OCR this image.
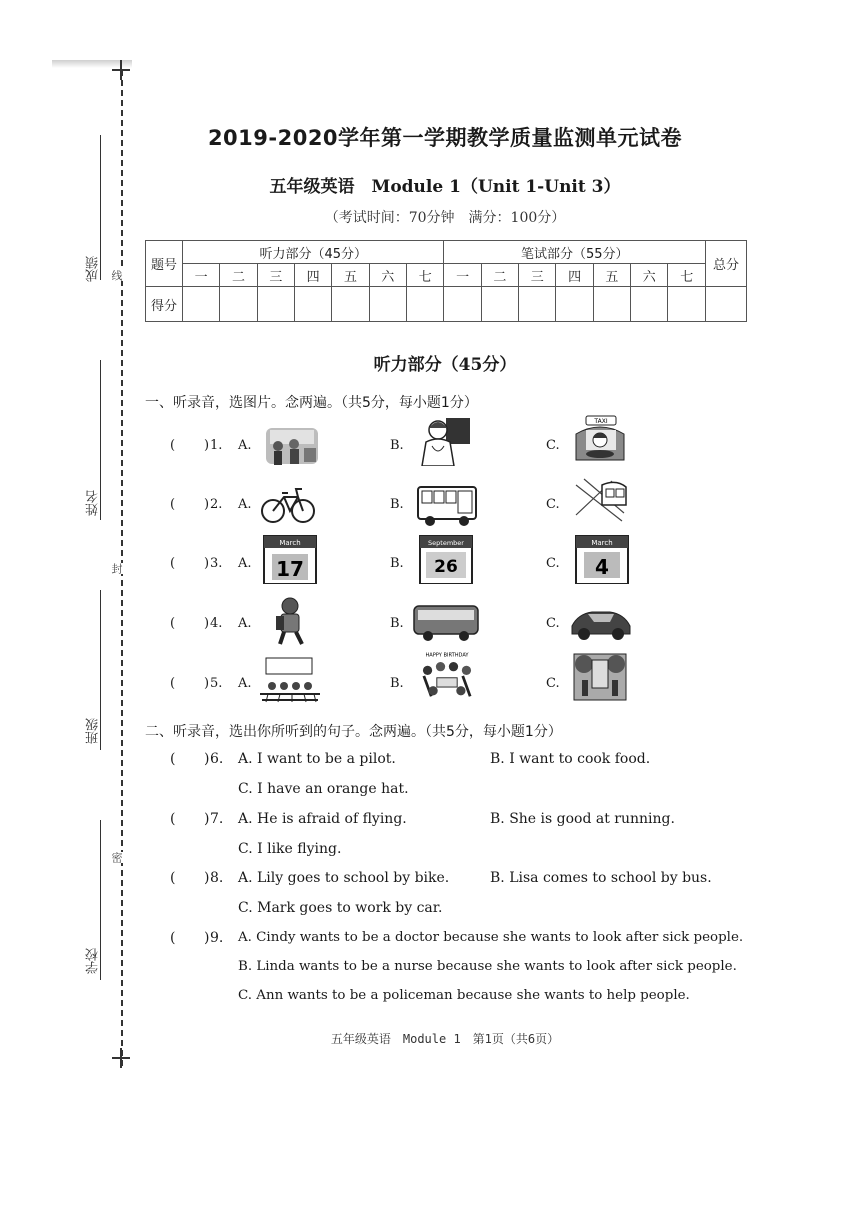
线
封
密
成绩
姓名
班级
学校
2019-2020学年第一学期教学质量监测单元试卷
五年级英语　Module 1（Unit 1-Unit 3）
（考试时间：70分钟　满分：100分）
题号	听力部分（45分）							笔试部分（55分）							总分
	一	二	三	四	五	六	七	一	二	三	四	五	六	七	
得分															
听力部分（45分）
一、听录音，选图片。念两遍。（共5分，每小题1分）
( ) 1. A.	B.	C.
TAXI
( ) 2. A.	B.	C.
( ) 3. A.
March
17	B.
September
26	C.
March
4
( ) 4. A.	B.	C.
( ) 5. A.	B.
HAPPY BIRTHDAY
C.
二、听录音，选出你所听到的句子。念两遍。（共5分，每小题1分）
( ) 6. A. I want to be a pilot.	B. I want to cook food.
C. I have an orange hat.
( ) 7. A. He is afraid of flying.	B. She is good at running.
C. I like flying.
( ) 8. A. Lily goes to school by bike.	B. Lisa comes to school by bus.
C. Mark goes to work by car.
( ) 9. A. Cindy wants to be a doctor because she wants to look after sick people.
B. Linda wants to be a nurse because she wants to look after sick people.
C. Ann wants to be a policeman because she wants to help people.
五年级英语　Module 1　第1页（共6页）
